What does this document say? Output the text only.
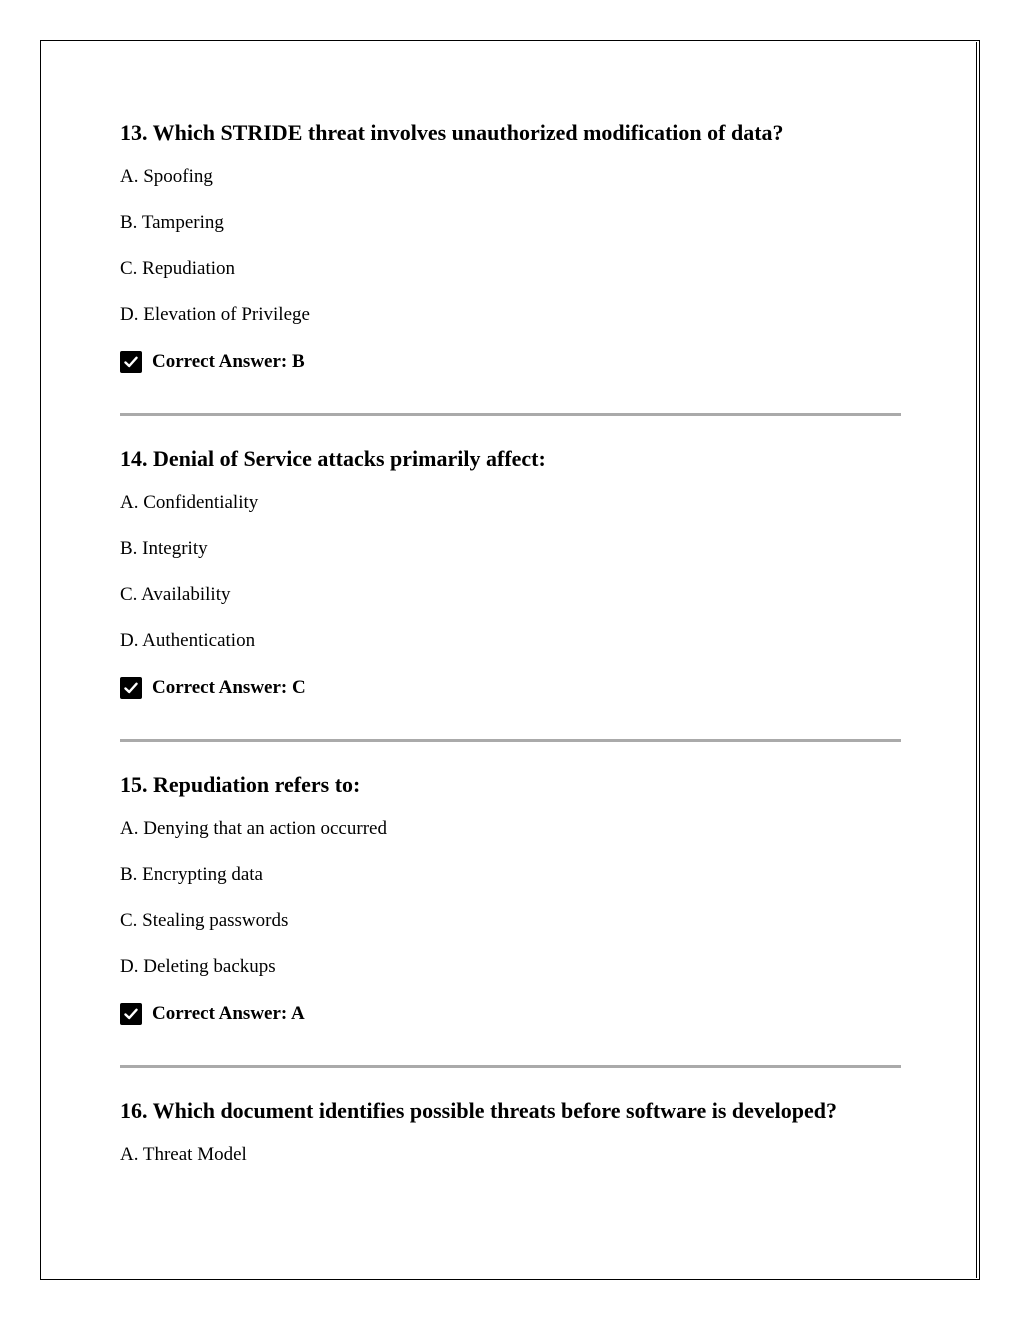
13. Which STRIDE threat involves unauthorized modification of data?
A. Spoofing
B. Tampering
C. Repudiation
D. Elevation of Privilege
Correct Answer: B
14. Denial of Service attacks primarily affect:
A. Confidentiality
B. Integrity
C. Availability
D. Authentication
Correct Answer: C
15. Repudiation refers to:
A. Denying that an action occurred
B. Encrypting data
C. Stealing passwords
D. Deleting backups
Correct Answer: A
16. Which document identifies possible threats before software is developed?
A. Threat Model
